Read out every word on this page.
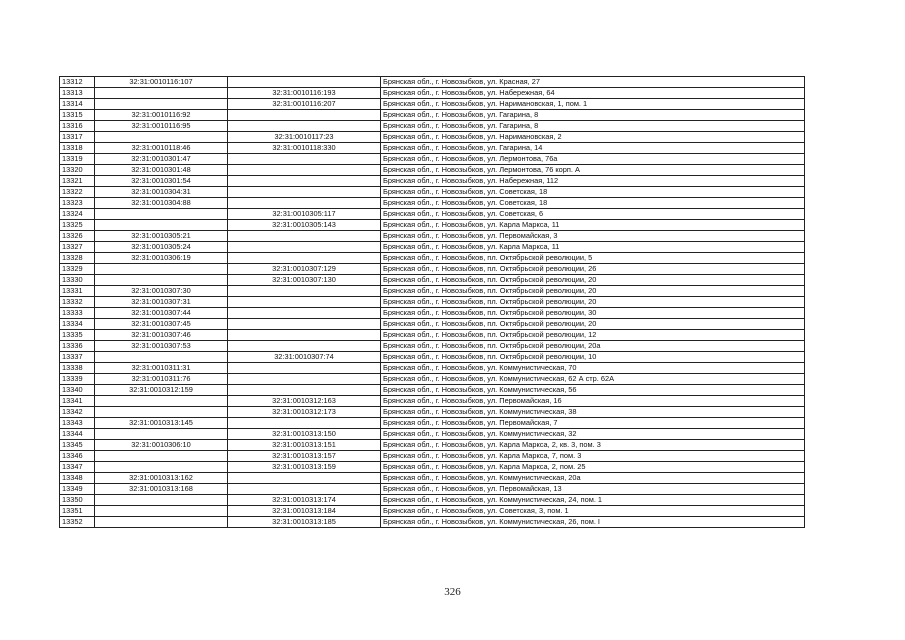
13312	32:31:0010116:107		Брянская обл., г. Новозыбков, ул. Красная, 27
13313		32:31:0010116:193	Брянская обл., г. Новозыбков, ул. Набережная, 64
13314		32:31:0010116:207	Брянская обл., г. Новозыбков, ул. Наримановская, 1, пом. 1
13315	32:31:0010116:92		Брянская обл., г. Новозыбков, ул. Гагарина, 8
13316	32:31:0010116:95		Брянская обл., г. Новозыбков, ул. Гагарина, 8
13317		32:31:0010117:23	Брянская обл., г. Новозыбков, ул. Наримановская, 2
13318	32:31:0010118:46	32:31:0010118:330	Брянская обл., г. Новозыбков, ул. Гагарина, 14
13319	32:31:0010301:47		Брянская обл., г. Новозыбков, ул. Лермонтова, 76а
13320	32:31:0010301:48		Брянская обл., г. Новозыбков, ул. Лермонтова, 76 корп. А
13321	32:31:0010301:54		Брянская обл., г. Новозыбков, ул. Набережная, 112
13322	32:31:0010304:31		Брянская обл., г. Новозыбков, ул. Советская, 18
13323	32:31:0010304:88		Брянская обл., г. Новозыбков, ул. Советская, 18
13324		32:31:0010305:117	Брянская обл., г. Новозыбков, ул. Советская, 6
13325		32:31:0010305:143	Брянская обл., г. Новозыбков, ул. Карла Маркса, 11
13326	32:31:0010305:21		Брянская обл., г. Новозыбков, ул. Первомайская, 3
13327	32:31:0010305:24		Брянская обл., г. Новозыбков, ул. Карла Маркса, 11
13328	32:31:0010306:19		Брянская обл., г. Новозыбков, пл. Октябрьской революции, 5
13329		32:31:0010307:129	Брянская обл., г. Новозыбков, пл. Октябрьской революции, 26
13330		32:31:0010307:130	Брянская обл., г. Новозыбков, пл. Октябрьской революции, 20
13331	32:31:0010307:30		Брянская обл., г. Новозыбков, пл. Октябрьской революции, 20
13332	32:31:0010307:31		Брянская обл., г. Новозыбков, пл. Октябрьской революции, 20
13333	32:31:0010307:44		Брянская обл., г. Новозыбков, пл. Октябрьской революции, 30
13334	32:31:0010307:45		Брянская обл., г. Новозыбков, пл. Октябрьской революции, 20
13335	32:31:0010307:46		Брянская обл., г. Новозыбков, пл. Октябрьской революции, 12
13336	32:31:0010307:53		Брянская обл., г. Новозыбков, пл. Октябрьской революции, 20а
13337		32:31:0010307:74	Брянская обл., г. Новозыбков, пл. Октябрьской революции, 10
13338	32:31:0010311:31		Брянская обл., г. Новозыбков, ул. Коммунистическая, 70
13339	32:31:0010311:76		Брянская обл., г. Новозыбков, ул. Коммунистическая, 62 А стр. 62А
13340	32:31:0010312:159		Брянская обл., г. Новозыбков, ул. Коммунистическая, 56
13341		32:31:0010312:163	Брянская обл., г. Новозыбков, ул. Первомайская, 16
13342		32:31:0010312:173	Брянская обл., г. Новозыбков, ул. Коммунистическая, 38
13343	32:31:0010313:145		Брянская обл., г. Новозыбков, ул. Первомайская, 7
13344		32:31:0010313:150	Брянская обл., г. Новозыбков, ул. Коммунистическая, 32
13345	32:31:0010306:10	32:31:0010313:151	Брянская обл., г. Новозыбков, ул. Карла Маркса, 2, кв. 3, пом. 3
13346		32:31:0010313:157	Брянская обл., г. Новозыбков, ул. Карла Маркса, 7, пом. 3
13347		32:31:0010313:159	Брянская обл., г. Новозыбков, ул. Карла Маркса, 2, пом. 25
13348	32:31:0010313:162		Брянская обл., г. Новозыбков, ул. Коммунистическая, 20а
13349	32:31:0010313:168		Брянская обл., г. Новозыбков, ул. Первомайская, 13
13350		32:31:0010313:174	Брянская обл., г. Новозыбков, ул. Коммунистическая, 24, пом. 1
13351		32:31:0010313:184	Брянская обл., г. Новозыбков, ул. Советская, 3, пом. 1
13352		32:31:0010313:185	Брянская обл., г. Новозыбков, ул. Коммунистическая, 26, пом. I
326
